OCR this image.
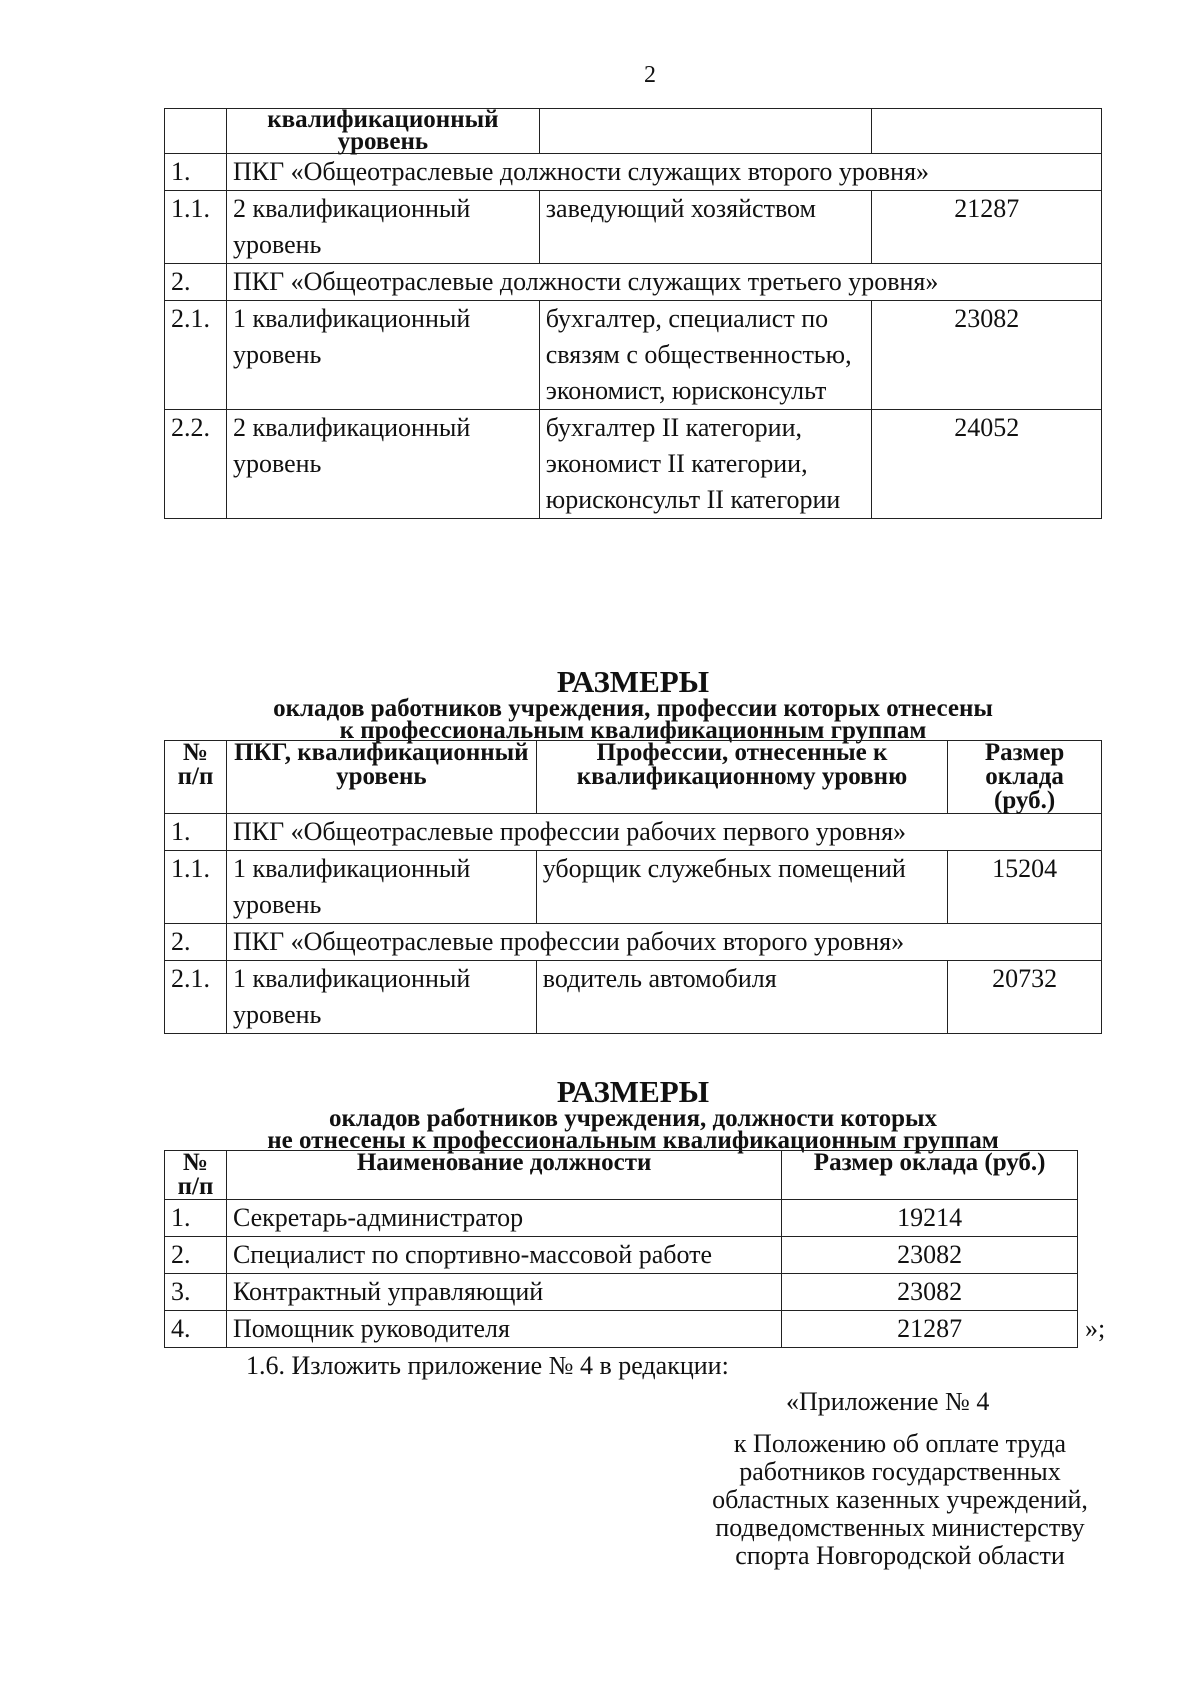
2
	квалификационный уровень		
1.	ПКГ «Общеотраслевые должности служащих второго уровня»		
1.1.	2 квалификационный уровень	заведующий хозяйством	21287
2.	ПКГ «Общеотраслевые должности служащих третьего уровня»		
2.1.	1 квалификационный уровень	бухгалтер, специалист по связям с общественностью, экономист, юрисконсульт	23082
2.2.	2 квалификационный уровень	бухгалтер II категории, экономист II категории, юрисконсульт II категории	24052
РАЗМЕРЫ
окладов работников учреждения, профессии которых отнесены
к профессиональным квалификационным группам
№ п/п	ПКГ, квалификационный уровень	Профессии, отнесенные к квалификационному уровню	Размер оклада (руб.)
1.	ПКГ «Общеотраслевые профессии рабочих первого уровня»		
1.1.	1 квалификационный уровень	уборщик служебных помещений	15204
2.	ПКГ «Общеотраслевые профессии рабочих второго уровня»		
2.1.	1 квалификационный уровень	водитель автомобиля	20732
РАЗМЕРЫ
окладов работников учреждения, должности которых
не отнесены к профессиональным квалификационным группам
№ п/п	Наименование должности	Размер оклада (руб.)
1.	Секретарь-администратор	19214
2.	Специалист по спортивно-массовой работе	23082
3.	Контрактный управляющий	23082
4.	Помощник руководителя	21287	»;
1.6. Изложить приложение № 4 в редакции:
«Приложение № 4
к Положению об оплате труда
работников государственных
областных казенных учреждений,
подведомственных министерству
спорта Новгородской области
